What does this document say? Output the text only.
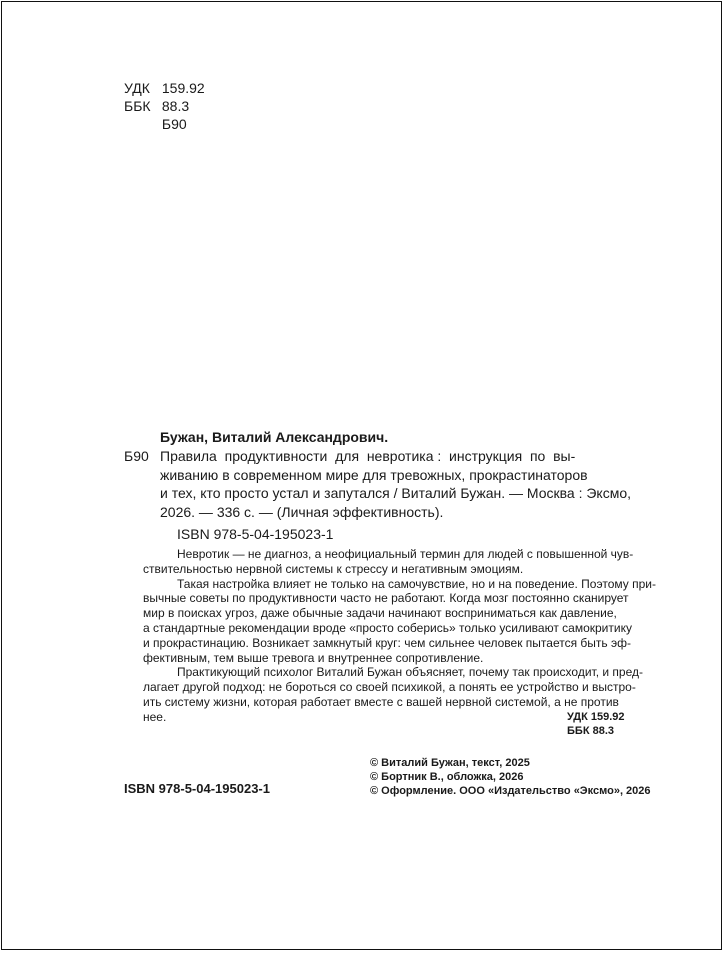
УДК 159.92
ББК 88.3
Б90
Бужан, Виталий Александрович.
Б90 Правила  продуктивности  для  невротика :  инструкция  по  вы-
живанию в современном мире для тревожных, прокрастинаторов
и тех, кто просто устал и запутался / Виталий Бужан. — Москва : Эксмо,
2026. — 336 с. — (Личная эффективность).
ISBN 978-5-04-195023-1

Невротик — не диагноз, а неофициальный термин для людей с повышенной чув-
ствительностью нервной системы к стрессу и негативным эмоциям.

Такая настройка влияет не только на самочувствие, но и на поведение. Поэтому при-
вычные советы по продуктивности часто не работают. Когда мозг постоянно сканирует
мир в поисках угроз, даже обычные задачи начинают восприниматься как давление,
а стандартные рекомендации вроде «просто соберись» только усиливают самокритику
и прокрастинацию. Возникает замкнутый круг: чем сильнее человек пытается быть эф-
фективным, тем выше тревога и внутреннее сопротивление.

Практикующий психолог Виталий Бужан объясняет, почему так происходит, и пред-
лагает другой подход: не бороться со своей психикой, а понять ее устройство и выстро-
ить систему жизни, которая работает вместе с вашей нервной системой, а не против
нее.	УДК 159.92
ББК 88.3
ISBN 978-5-04-195023-1
© Виталий Бужан, текст, 2025
© Бортник В., обложка, 2026
© Оформление. ООО «Издательство «Эксмо», 2026
